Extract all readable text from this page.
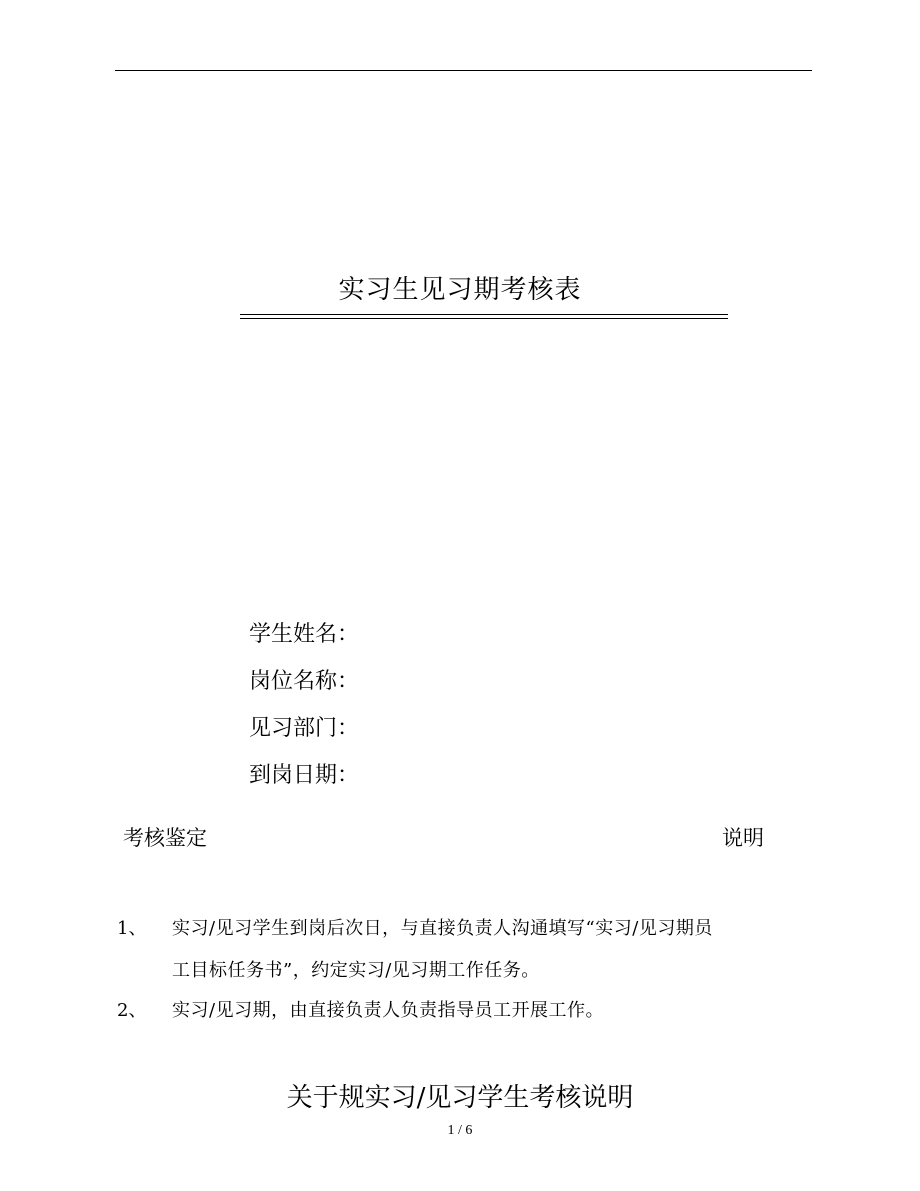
实习生见习期考核表
学生姓名：
岗位名称：
见习部门：
到岗日期：
考核鉴定	说明
1、 实习/见习学生到岗后次日，与直接负责人沟通填写“实习/见习期员
工目标任务书”，约定实习/见习期工作任务。
2、 实习/见习期，由直接负责人负责指导员工开展工作。
关于规实习/见习学生考核说明
1 / 6
